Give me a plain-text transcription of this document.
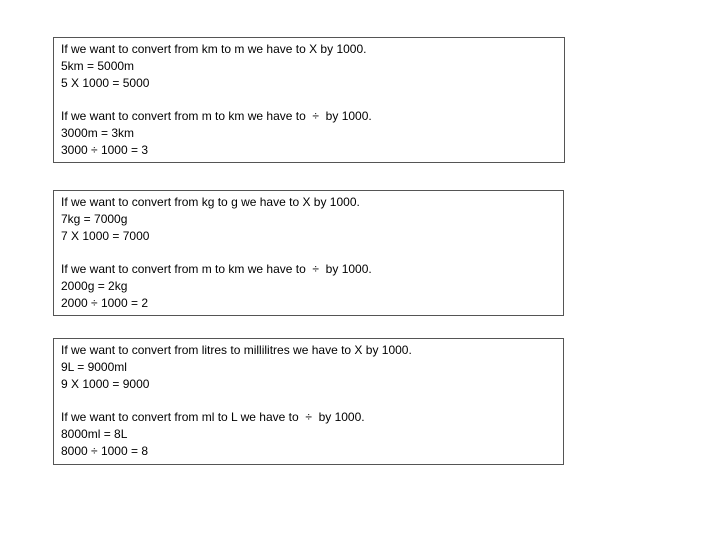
If we want to convert from km to m we have to X by 1000.
5km = 5000m
5 X 1000 = 5000
If we want to convert from m to km we have to  ÷  by 1000.
3000m = 3km
3000 ÷ 1000 = 3
If we want to convert from kg to g we have to X by 1000.
7kg = 7000g
7 X 1000 = 7000
If we want to convert from m to km we have to  ÷  by 1000.
2000g = 2kg
2000 ÷ 1000 = 2
If we want to convert from litres to millilitres we have to X by 1000.
9L = 9000ml
9 X 1000 = 9000
If we want to convert from ml to L we have to  ÷  by 1000.
8000ml = 8L
8000 ÷ 1000 = 8
